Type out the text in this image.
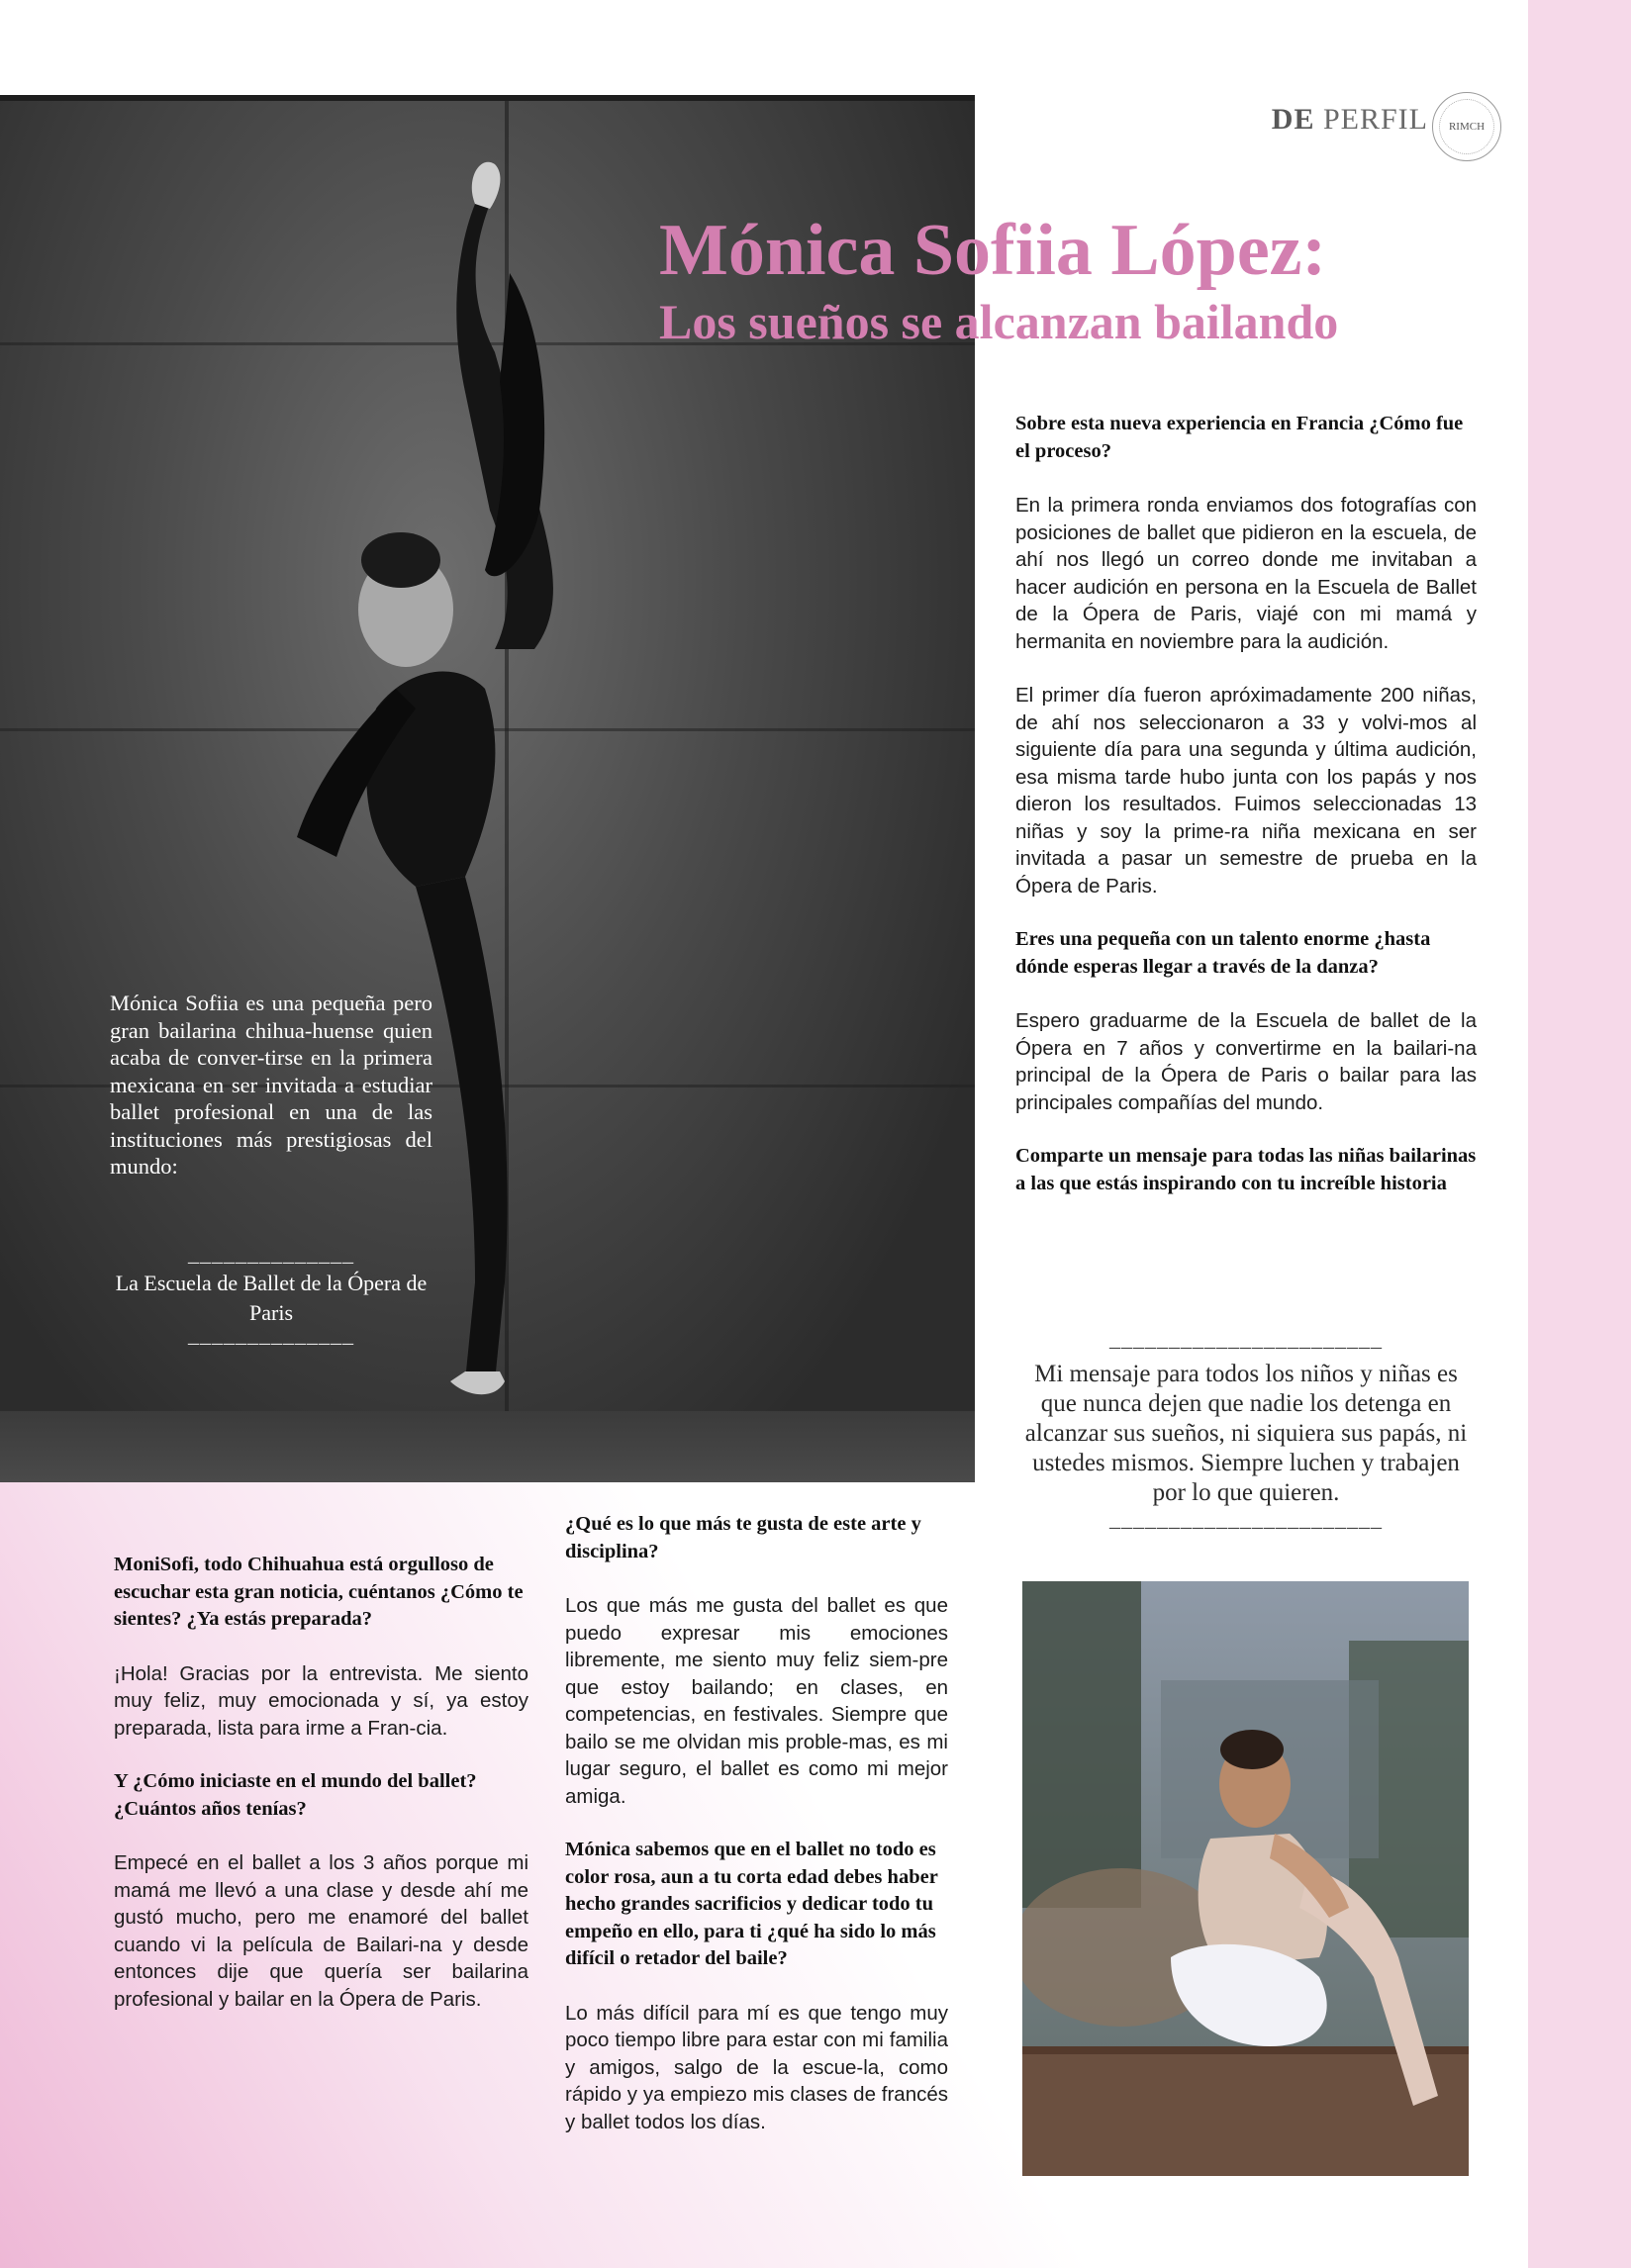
DE PERFIL RIMCH
Mónica Sofiia López:
Los sueños se alcanzan bailando
Mónica Sofiia es una pequeña pero gran bailarina chihua-huense quien acaba de conver-tirse en la primera mexicana en ser invitada a estudiar ballet profesional en una de las instituciones más prestigiosas del mundo:
______________
La Escuela de Ballet de la Ópera de Paris
______________

Sobre esta nueva experiencia en Francia ¿Cómo fue el proceso?

En la primera ronda enviamos dos fotografías con posiciones de ballet que pidieron en la escuela, de ahí nos llegó un correo donde me invitaban a hacer audición en persona en la Escuela de Ballet de la Ópera de Paris, viajé con mi mamá y hermanita en noviembre para la audición.

El primer día fueron apróximadamente 200 niñas, de ahí nos seleccionaron a 33 y volvi-mos al siguiente día para una segunda y última audición, esa misma tarde hubo junta con los papás y nos dieron los resultados. Fuimos seleccionadas 13 niñas y soy la prime-ra niña mexicana en ser invitada a pasar un semestre de prueba en la Ópera de Paris.

Eres una pequeña con un talento enorme ¿hasta dónde esperas llegar a través de la danza?

Espero graduarme de la Escuela de ballet de la Ópera en 7 años y convertirme en la bailari-na principal de la Ópera de Paris o bailar para las principales compañías del mundo.

Comparte un mensaje para todas las niñas bailarinas a las que estás inspirando con tu increíble historia

_______________________
Mi mensaje para todos los niños y niñas es que nunca dejen que nadie los detenga en alcanzar sus sueños, ni siquiera sus papás, ni ustedes mismos. Siempre luchen y trabajen por lo que quieren.
_______________________

MoniSofi, todo Chihuahua está orgulloso de escuchar esta gran noticia, cuéntanos ¿Cómo te sientes? ¿Ya estás preparada?

¡Hola! Gracias por la entrevista. Me siento muy feliz, muy emocionada y sí, ya estoy preparada, lista para irme a Fran-cia.

Y ¿Cómo iniciaste en el mundo del ballet? ¿Cuántos años tenías?

Empecé en el ballet a los 3 años porque mi mamá me llevó a una clase y desde ahí me gustó mucho, pero me enamoré del ballet cuando vi la película de Bailari-na y desde entonces dije que quería ser bailarina profesional y bailar en la Ópera de Paris.

¿Qué es lo que más te gusta de este arte y disciplina?

Los que más me gusta del ballet es que puedo expresar mis emociones libremente, me siento muy feliz siem-pre que estoy bailando; en clases, en competencias, en festivales. Siempre que bailo se me olvidan mis proble-mas, es mi lugar seguro, el ballet es como mi mejor amiga.

Mónica sabemos que en el ballet no todo es color rosa, aun a tu corta edad debes haber hecho grandes sacrificios y dedicar todo tu empeño en ello, para ti ¿qué ha sido lo más difícil o retador del baile?

Lo más difícil para mí es que tengo muy poco tiempo libre para estar con mi familia y amigos, salgo de la escue-la, como rápido y ya empiezo mis clases de francés y ballet todos los días.
